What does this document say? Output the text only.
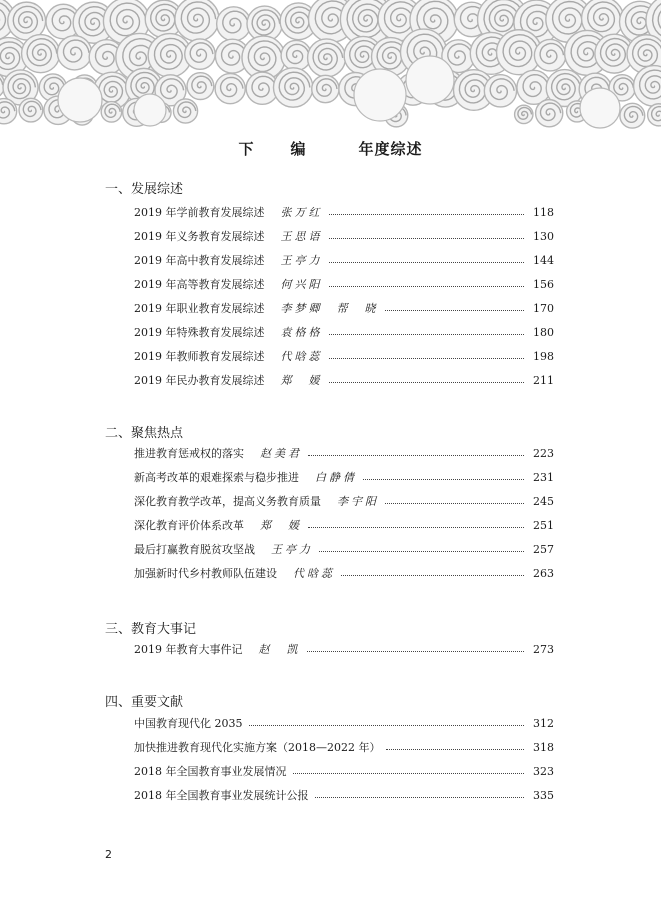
下 编	年度综述
一、发展综述
2019 年学前教育发展综述 张万红	118
2019 年义务教育发展综述 王思语	130
2019 年高中教育发展综述 王亭力	144
2019 年高等教育发展综述 何兴阳	156
2019 年职业教育发展综述 李梦卿　帮　晓	170
2019 年特殊教育发展综述 袁格格	180
2019 年教师教育发展综述 代晗蕊	198
2019 年民办教育发展综述 郑　媛	211
二、聚焦热点
推进教育惩戒权的落实 赵美君	223
新高考改革的艰难探索与稳步推进 白静倩	231
深化教育教学改革，提高义务教育质量 李宇阳	245
深化教育评价体系改革 郑　媛	251
最后打赢教育脱贫攻坚战 王亭力	257
加强新时代乡村教师队伍建设 代晗蕊	263
三、教育大事记
2019 年教育大事件记 赵　凯	273
四、重要文献
中国教育现代化 2035	312
加快推进教育现代化实施方案（2018—2022 年）	318
2018 年全国教育事业发展情况	323
2018 年全国教育事业发展统计公报	335
2
